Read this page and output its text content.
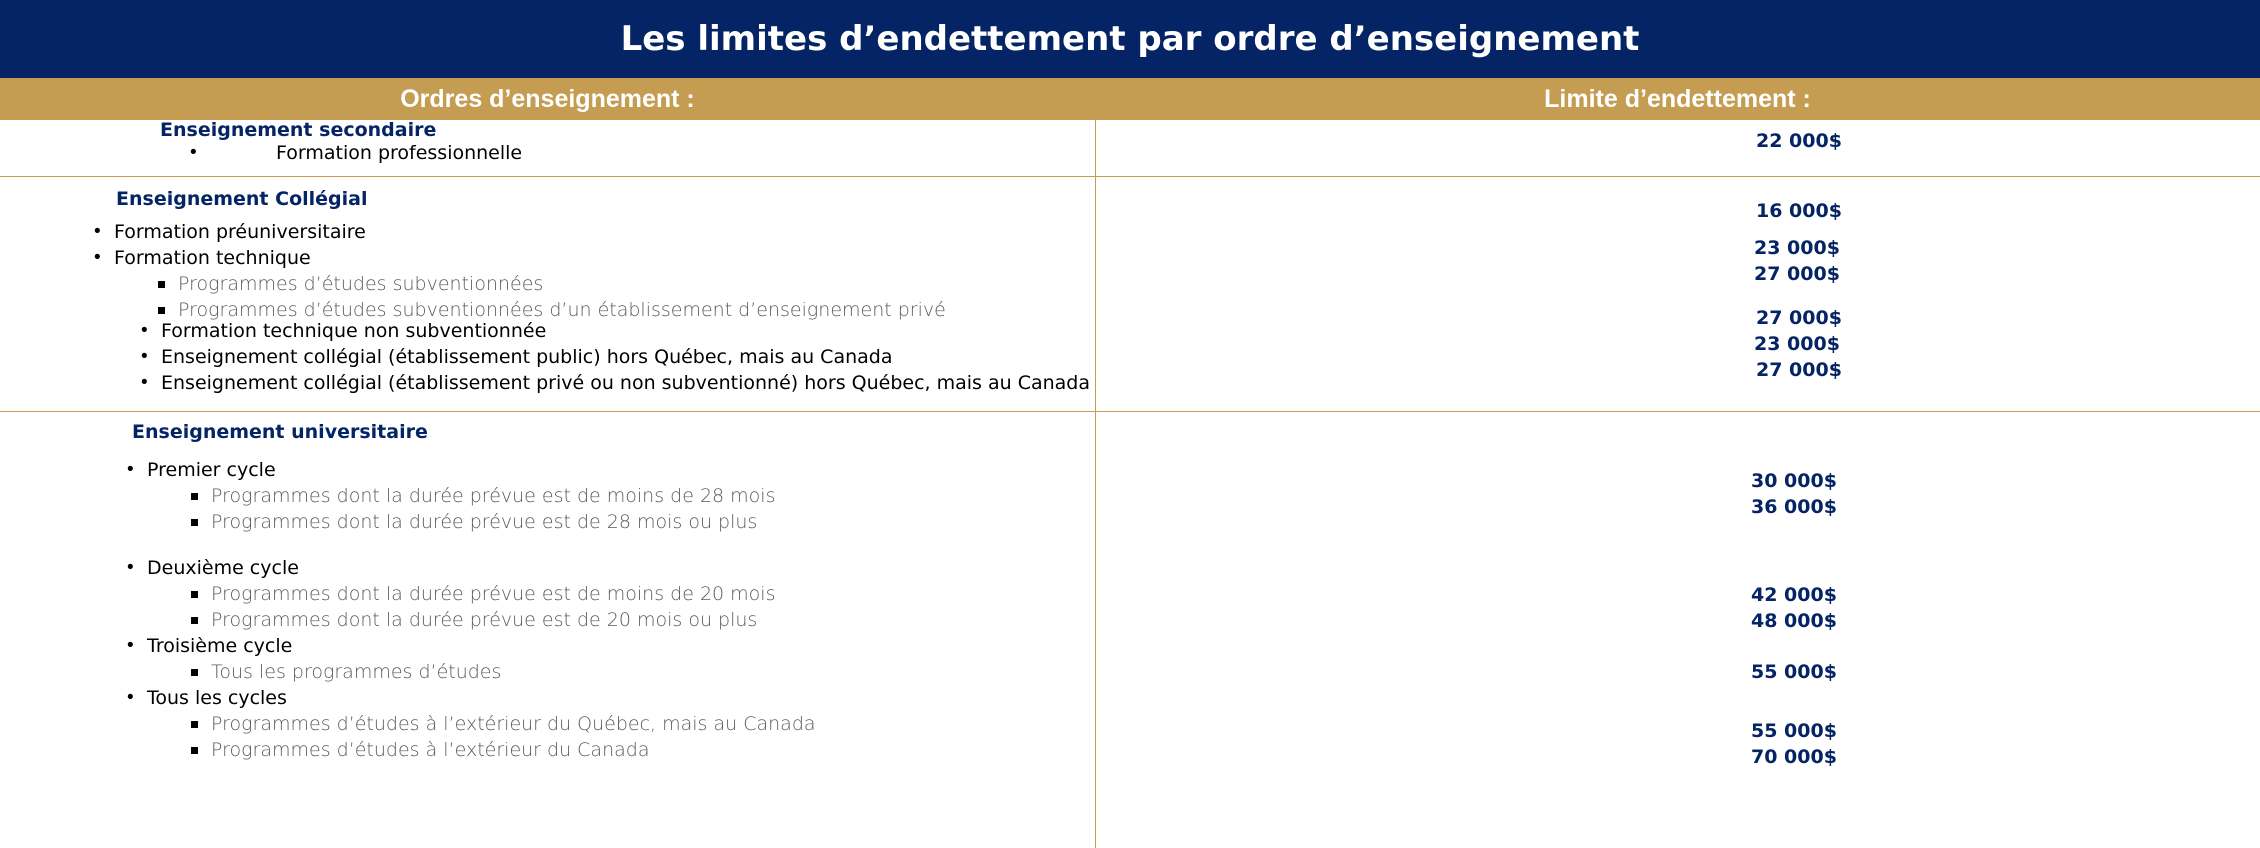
Les limites d’endettement par ordre d’enseignement
Ordres d’enseignement :	Limite d’endettement :
Enseignement secondaire
•	Formation professionnelle
22 000$
Enseignement Collégial
• Formation préuniversitaire
• Formation technique
Programmes d’études subventionnées
Programmes d’études subventionnées d’un établissement d’enseignement privé
• Formation technique non subventionnée
• Enseignement collégial (établissement public) hors Québec, mais au Canada
• Enseignement collégial (établissement privé ou non subventionné) hors Québec, mais au Canada
16 000$
23 000$
27 000$
27 000$
23 000$
27 000$
Enseignement universitaire
• Premier cycle
Programmes dont la durée prévue est de moins de 28 mois
Programmes dont la durée prévue est de 28 mois ou plus
• Deuxième cycle
Programmes dont la durée prévue est de moins de 20 mois
Programmes dont la durée prévue est de 20 mois ou plus
• Troisième cycle
Tous les programmes d’études
• Tous les cycles
Programmes d’études à l’extérieur du Québec, mais au Canada
Programmes d’études à l’extérieur du Canada
30 000$
36 000$
42 000$
48 000$
55 000$
55 000$
70 000$
